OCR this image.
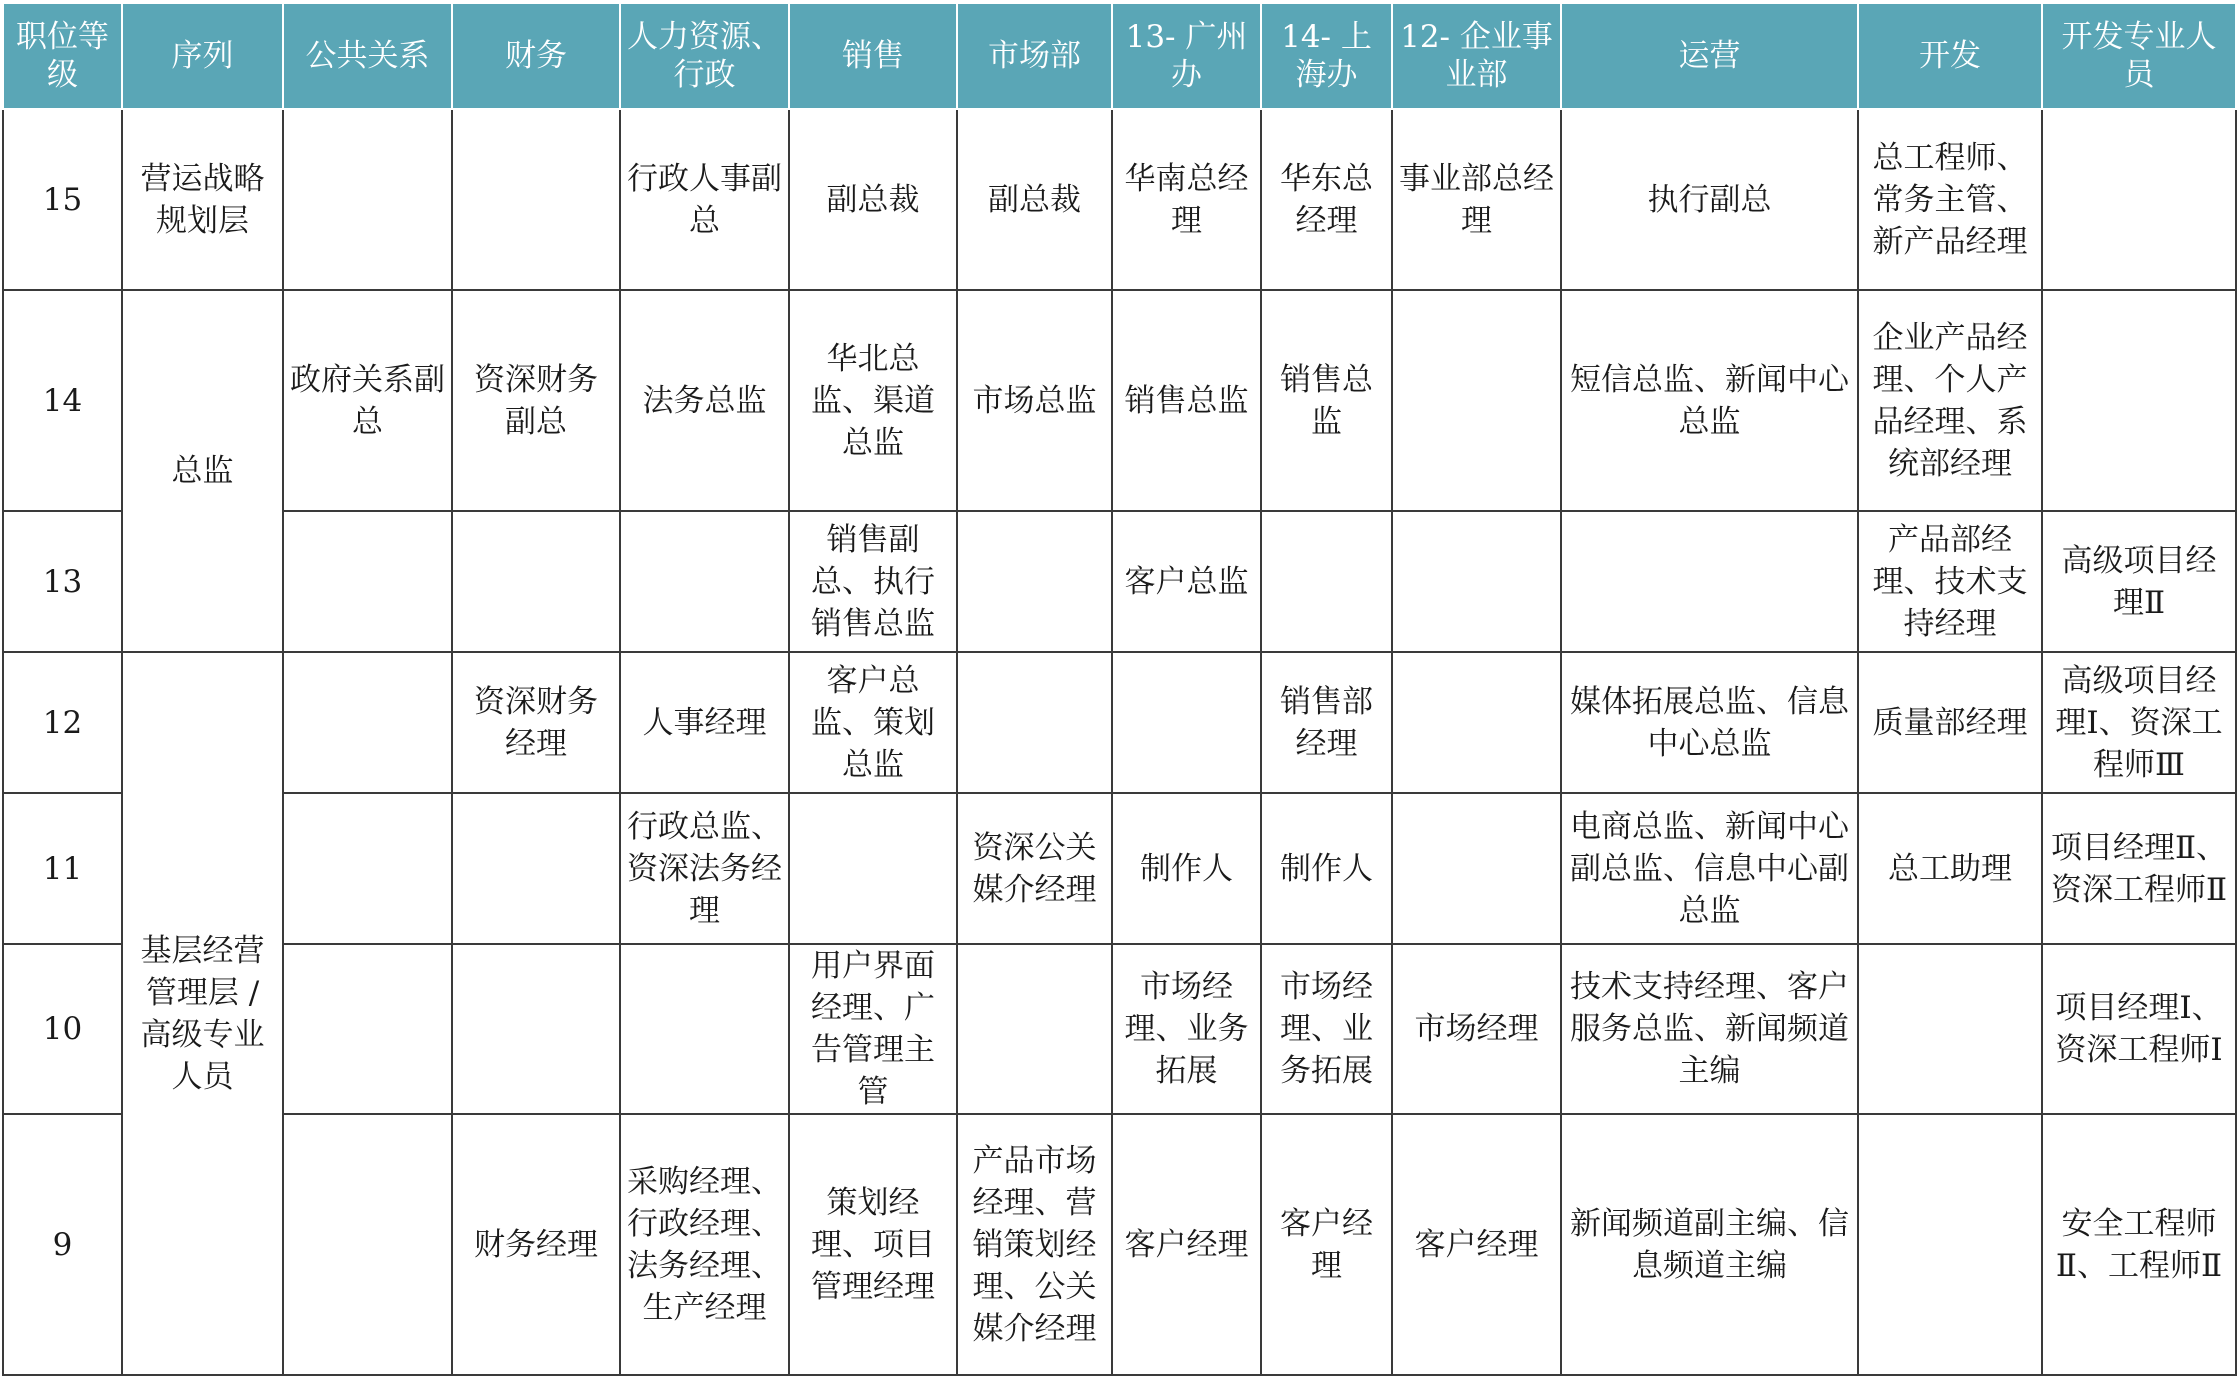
职位等级	序列	公共关系	财务	人力资源、行政	销售	市场部	13- 广州办	14- 上海办	12- 企业事业部	运营	开发	开发专业人员
15	营运战略规划层			行政人事副总	副总裁	副总裁	华南总经理	华东总经理	事业部总经理	执行副总	总工程师、常务主管、新产品经理	
14	总监	政府关系副总	资深财务副总	法务总监	华北总监、渠道总监	市场总监	销售总监	销售总监		短信总监、新闻中心总监	企业产品经理、个人产品经理、系统部经理	
13					销售副总、执行销售总监		客户总监				产品部经理、技术支持经理	高级项目经理Ⅱ
12	基层经营管理层 / 高级专业人员		资深财务经理	人事经理	客户总监、策划总监			销售部经理		媒体拓展总监、信息中心总监	质量部经理	高级项目经理Ⅰ、资深工程师Ⅲ
11				行政总监、资深法务经理		资深公关媒介经理	制作人	制作人		电商总监、新闻中心副总监、信息中心副总监	总工助理	项目经理Ⅱ、资深工程师Ⅱ
10					用户界面经理、广告管理主管		市场经理、业务拓展	市场经理、业务拓展	市场经理	技术支持经理、客户服务总监、新闻频道主编		项目经理Ⅰ、资深工程师Ⅰ
9			财务经理	采购经理、行政经理、法务经理、生产经理	策划经理、项目管理经理	产品市场经理、营销策划经理、公关媒介经理	客户经理	客户经理	客户经理	新闻频道副主编、信息频道主编		安全工程师Ⅱ、工程师Ⅱ
